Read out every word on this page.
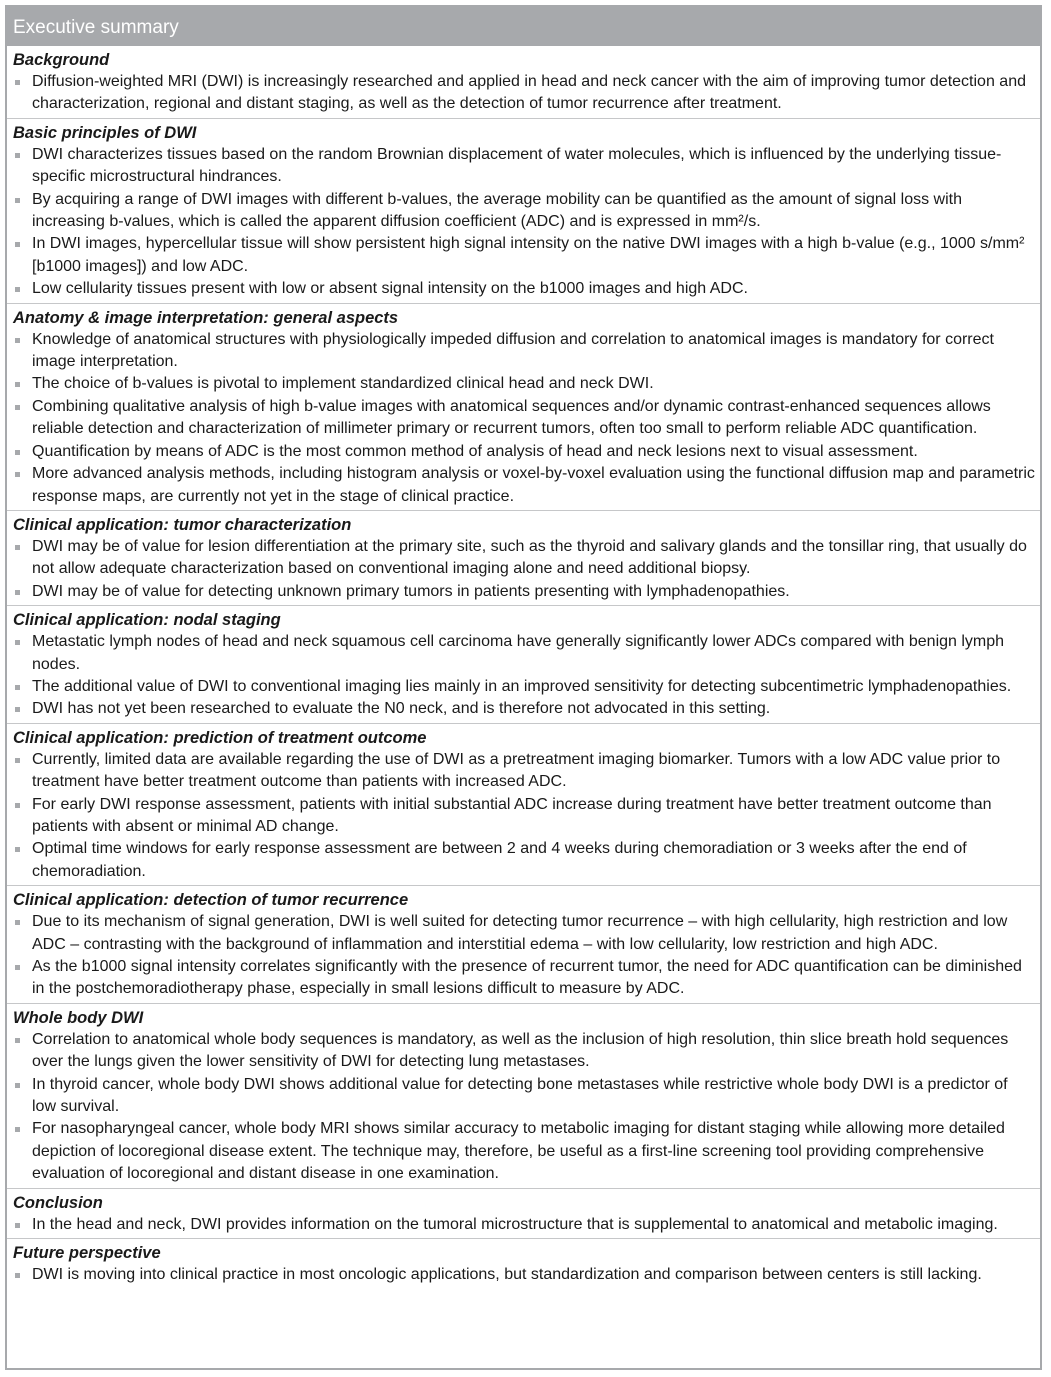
Executive summary
Background
Diffusion-weighted MRI (DWI) is increasingly researched and applied in head and neck cancer with the aim of improving tumor detection and characterization, regional and distant staging, as well as the detection of tumor recurrence after treatment.
Basic principles of DWI
DWI characterizes tissues based on the random Brownian displacement of water molecules, which is influenced by the underlying tissue-specific microstructural hindrances.
By acquiring a range of DWI images with different b-values, the average mobility can be quantified as the amount of signal loss with increasing b-values, which is called the apparent diffusion coefficient (ADC) and is expressed in mm²/s.
In DWI images, hypercellular tissue will show persistent high signal intensity on the native DWI images with a high b-value (e.g., 1000 s/mm² [b1000 images]) and low ADC.
Low cellularity tissues present with low or absent signal intensity on the b1000 images and high ADC.
Anatomy & image interpretation: general aspects
Knowledge of anatomical structures with physiologically impeded diffusion and correlation to anatomical images is mandatory for correct image interpretation.
The choice of b-values is pivotal to implement standardized clinical head and neck DWI.
Combining qualitative analysis of high b-value images with anatomical sequences and/or dynamic contrast-enhanced sequences allows reliable detection and characterization of millimeter primary or recurrent tumors, often too small to perform reliable ADC quantification.
Quantification by means of ADC is the most common method of analysis of head and neck lesions next to visual assessment.
More advanced analysis methods, including histogram analysis or voxel-by-voxel evaluation using the functional diffusion map and parametric response maps, are currently not yet in the stage of clinical practice.
Clinical application: tumor characterization
DWI may be of value for lesion differentiation at the primary site, such as the thyroid and salivary glands and the tonsillar ring, that usually do not allow adequate characterization based on conventional imaging alone and need additional biopsy.
DWI may be of value for detecting unknown primary tumors in patients presenting with lymphadenopathies.
Clinical application: nodal staging
Metastatic lymph nodes of head and neck squamous cell carcinoma have generally significantly lower ADCs compared with benign lymph nodes.
The additional value of DWI to conventional imaging lies mainly in an improved sensitivity for detecting subcentimetric lymphadenopathies.
DWI has not yet been researched to evaluate the N0 neck, and is therefore not advocated in this setting.
Clinical application: prediction of treatment outcome
Currently, limited data are available regarding the use of DWI as a pretreatment imaging biomarker. Tumors with a low ADC value prior to treatment have better treatment outcome than patients with increased ADC.
For early DWI response assessment, patients with initial substantial ADC increase during treatment have better treatment outcome than patients with absent or minimal AD change.
Optimal time windows for early response assessment are between 2 and 4 weeks during chemoradiation or 3 weeks after the end of chemoradiation.
Clinical application: detection of tumor recurrence
Due to its mechanism of signal generation, DWI is well suited for detecting tumor recurrence – with high cellularity, high restriction and low ADC – contrasting with the background of inflammation and interstitial edema – with low cellularity, low restriction and high ADC.
As the b1000 signal intensity correlates significantly with the presence of recurrent tumor, the need for ADC quantification can be diminished in the postchemoradiotherapy phase, especially in small lesions difficult to measure by ADC.
Whole body DWI
Correlation to anatomical whole body sequences is mandatory, as well as the inclusion of high resolution, thin slice breath hold sequences over the lungs given the lower sensitivity of DWI for detecting lung metastases.
In thyroid cancer, whole body DWI shows additional value for detecting bone metastases while restrictive whole body DWI is a predictor of low survival.
For nasopharyngeal cancer, whole body MRI shows similar accuracy to metabolic imaging for distant staging while allowing more detailed depiction of locoregional disease extent. The technique may, therefore, be useful as a first-line screening tool providing comprehensive evaluation of locoregional and distant disease in one examination.
Conclusion
In the head and neck, DWI provides information on the tumoral microstructure that is supplemental to anatomical and metabolic imaging.
Future perspective
DWI is moving into clinical practice in most oncologic applications, but standardization and comparison between centers is still lacking.
